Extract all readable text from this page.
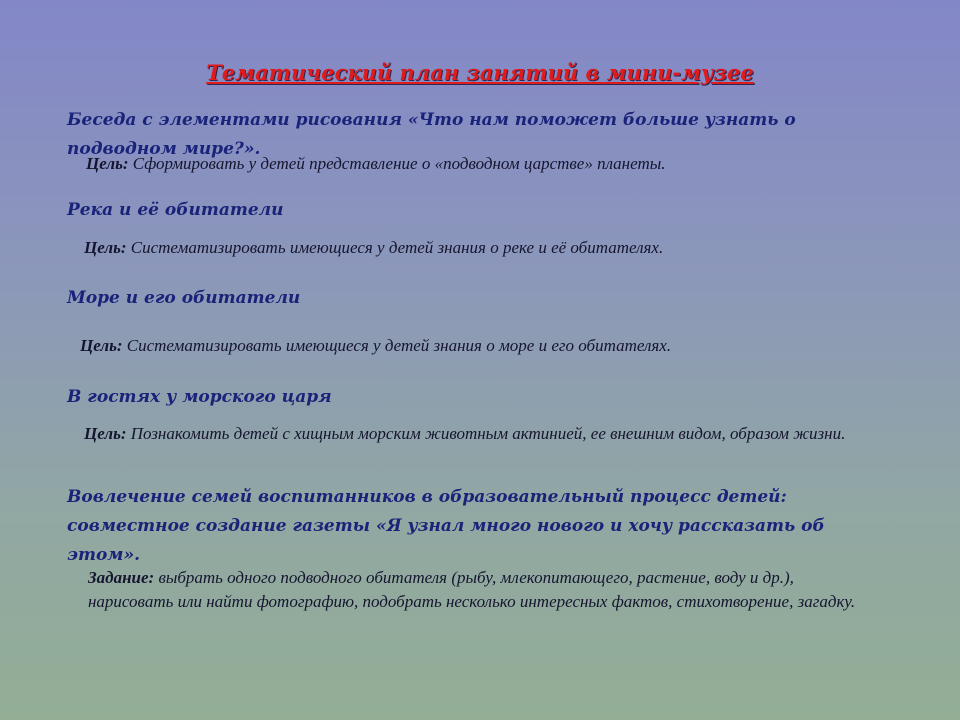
Тематический план занятий в мини-музее
Беседа с элементами рисования «Что нам поможет больше узнать о подводном мире?».
Цель: Сформировать у детей представление о «подводном царстве» планеты.
Река и её обитатели
Цель: Систематизировать имеющиеся у детей знания о реке и её обитателях.
Море и его обитатели
Цель: Систематизировать имеющиеся у детей знания о море и его обитателях.
В гостях у морского царя
Цель: Познакомить детей с хищным морским животным актинией, ее внешним видом, образом жизни.
Вовлечение семей воспитанников в образовательный процесс детей: совместное создание газеты «Я узнал много нового и хочу рассказать об этом».
Задание: выбрать одного подводного обитателя (рыбу, млекопитающего, растение, воду и др.), нарисовать или найти фотографию, подобрать несколько интересных фактов, стихотворение, загадку.
